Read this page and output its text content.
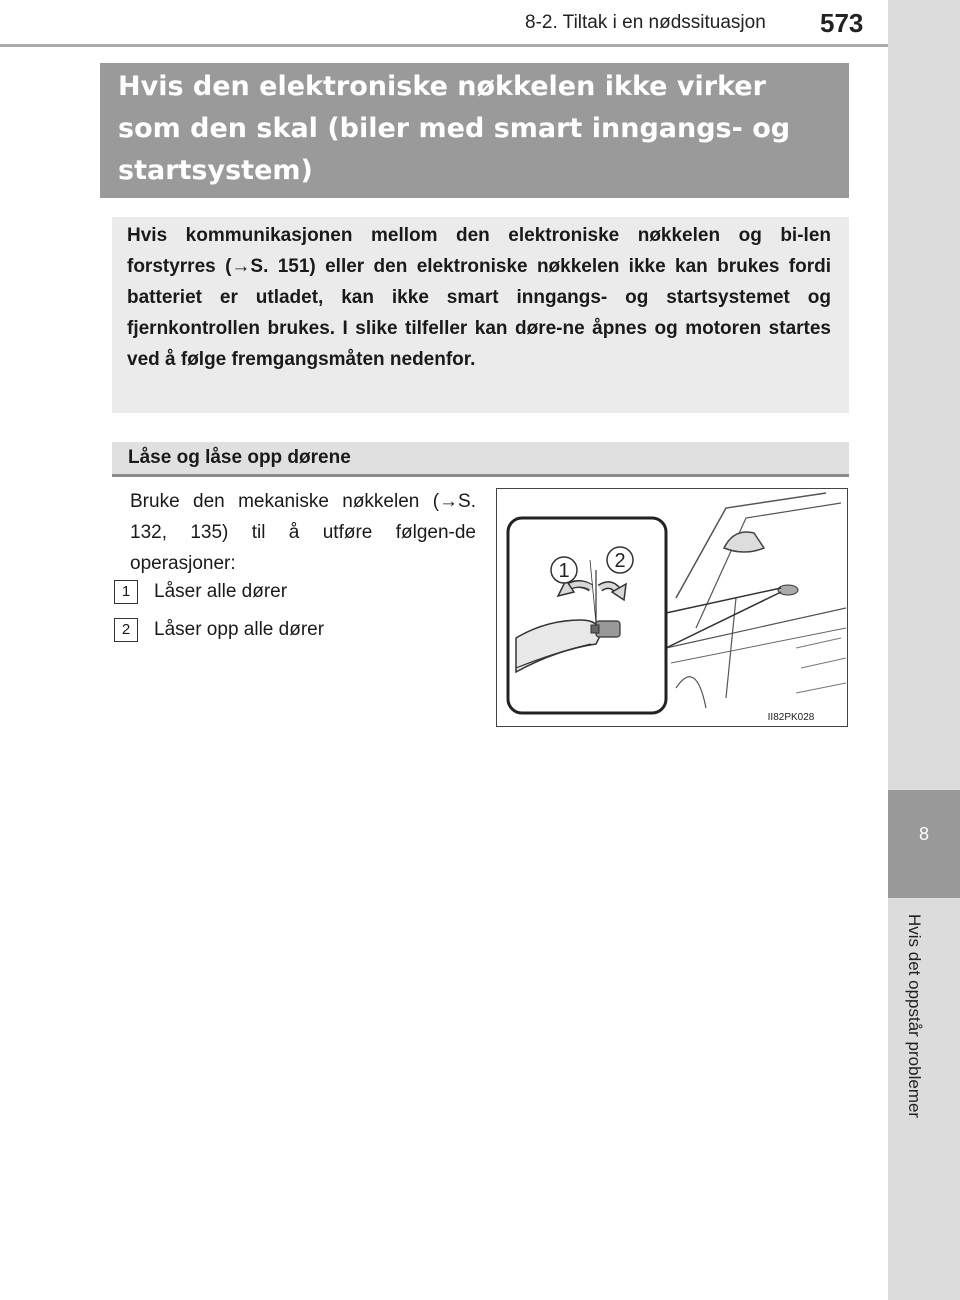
8-2. Tiltak i en nødssituasjon 573
8
Hvis det oppstår problemer
Hvis den elektroniske nøkkelen ikke virker som den skal (biler med smart inngangs- og startsystem)
Hvis kommunikasjonen mellom den elektroniske nøkkelen og bi-len forstyrres (→S. 151) eller den elektroniske nøkkelen ikke kan brukes fordi batteriet er utladet, kan ikke smart inngangs- og startsystemet og fjernkontrollen brukes. I slike tilfeller kan døre-ne åpnes og motoren startes ved å følge fremgangsmåten nedenfor.
Låse og låse opp dørene
Bruke den mekaniske nøkkelen (→S. 132, 135) til å utføre følgen-de operasjoner:
1 Låser alle dører
2 Låser opp alle dører
1 2
II82PK028
